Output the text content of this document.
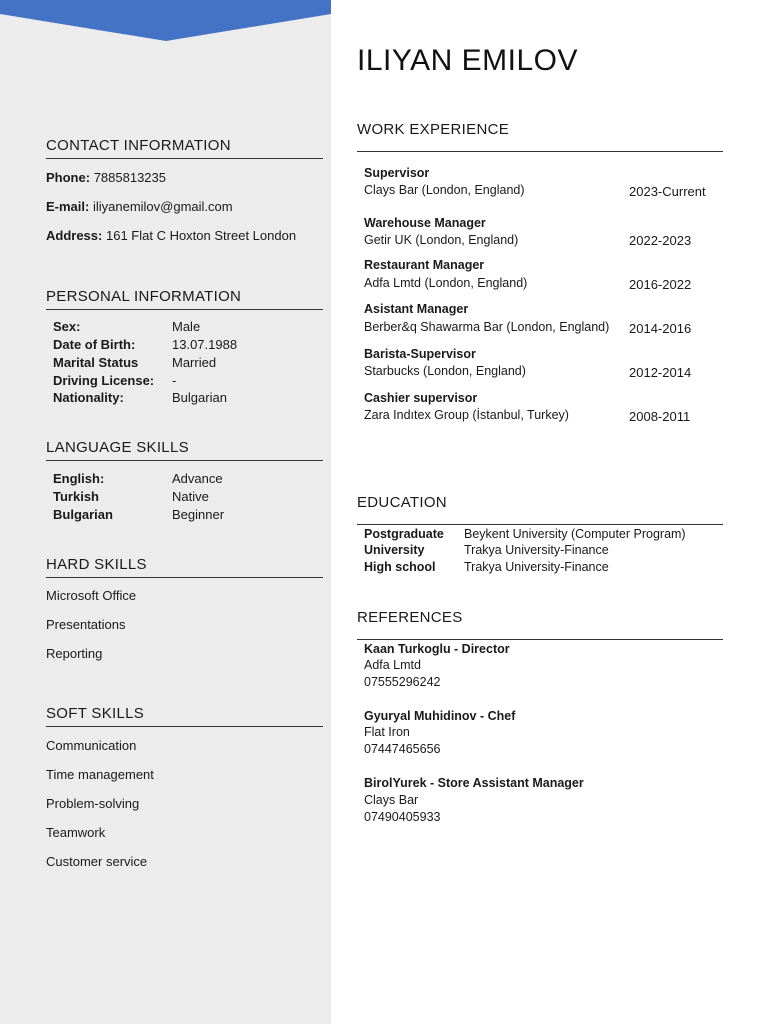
CONTACT INFORMATION
Phone: 7885813235
E-mail: iliyanemilov@gmail.com
Address: 161 Flat C Hoxton Street London
PERSONAL INFORMATION
Sex:	Male
Date of Birth:	13.07.1988
Marital Status	Married
Driving License: -
Nationality:	Bulgarian
LANGUAGE SKILLS
English:	Advance
Turkish	Native
Bulgarian	Beginner
HARD SKILLS
Microsoft Office
Presentations
Reporting
SOFT SKILLS
Communication
Time management
Problem-solving
Teamwork
Customer service
ILIYAN EMILOV
WORK EXPERIENCE
Supervisor
Clays Bar (London, England)	2023-Current
Warehouse Manager
Getir UK (London, England)	2022-2023
Restaurant Manager
Adfa Lmtd (London, England)	2016-2022
Asistant Manager
Berber&q Shawarma Bar (London, England) 2014-2016
Barista-Supervisor
Starbucks (London, England)	2012-2014
Cashier supervisor
Zara Indıtex Group (İstanbul, Turkey)	2008-2011
EDUCATION
Postgraduate Beykent University (Computer Program)
University	Trakya University-Finance
High school Trakya University-Finance
REFERENCES
Kaan Turkoglu - Director
Adfa Lmtd
07555296242
Gyuryal Muhidinov - Chef
Flat Iron
07447465656
BirolYurek - Store Assistant Manager
Clays Bar
07490405933
